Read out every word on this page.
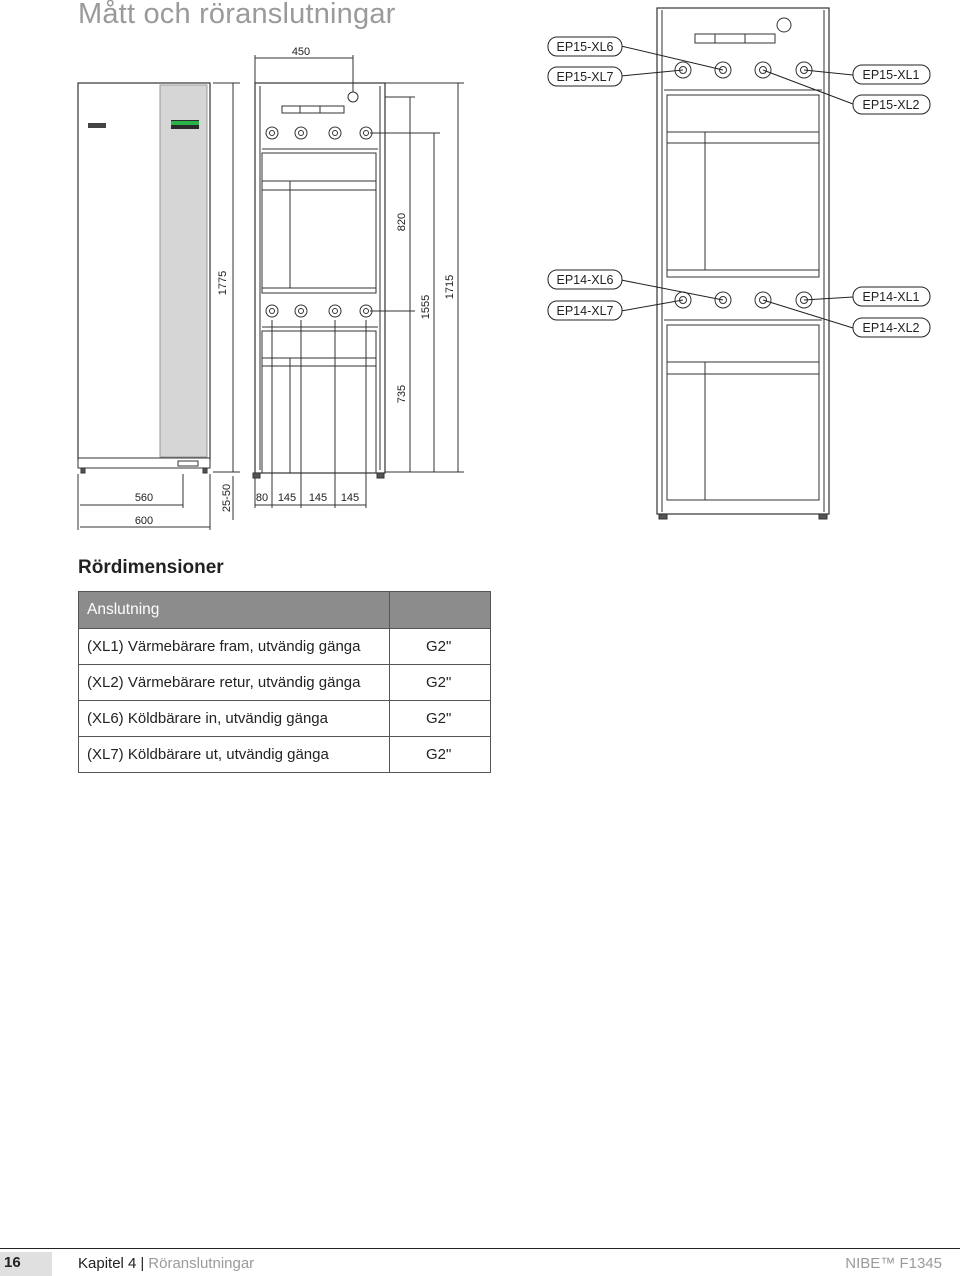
Mått och röranslutningar
1775
25-50
560
600
450
820
1555
1715
735
80 145 145 145
EP15-XL6
EP15-XL7	EP15-XL1
EP15-XL2
EP14-XL6
EP14-XL7
EP14-XL1
EP14-XL2
Rördimensioner
Anslutning	
(XL1) Värmebärare fram, utvändig gänga	G2"
(XL2) Värmebärare retur, utvändig gänga	G2"
(XL6) Köldbärare in, utvändig gänga	G2"
(XL7) Köldbärare ut, utvändig gänga	G2"
16	Kapitel 4 | Röranslutningar	NIBE™ F1345
